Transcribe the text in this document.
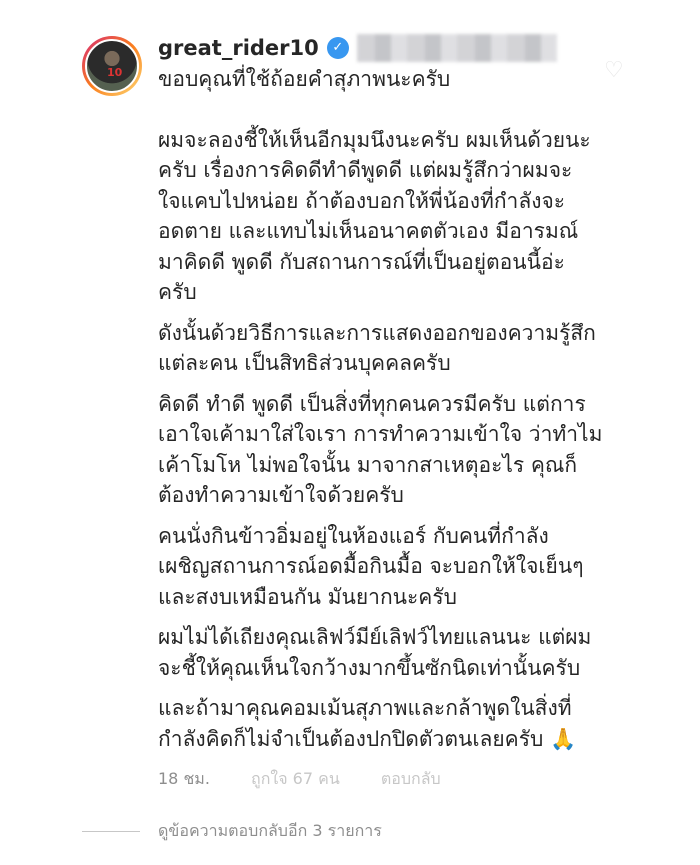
10	♡
great_rider10	✓
ขอบคุณที่ใช้ถ้อยคำสุภาพนะครับ
ผมจะลองชี้ให้เห็นอีกมุมนึงนะครับ ผมเห็นด้วยนะ
ครับ เรื่องการคิดดีทำดีพูดดี แต่ผมรู้สึกว่าผมจะ
ใจแคบไปหน่อย ถ้าต้องบอกให้พี่น้องที่กำลังจะ
อดตาย และแทบไม่เห็นอนาคตตัวเอง มีอารมณ์
มาคิดดี พูดดี กับสถานการณ์ที่เป็นอยู่ตอนนี้อ่ะ
ครับ
ดังนั้นด้วยวิธีการและการแสดงออกของความรู้สึก
แต่ละคน เป็นสิทธิส่วนบุคคลครับ
คิดดี ทำดี พูดดี เป็นสิ่งที่ทุกคนควรมีครับ แต่การ
เอาใจเค้ามาใส่ใจเรา การทำความเข้าใจ ว่าทำไม
เค้าโมโห ไม่พอใจนั้น มาจากสาเหตุอะไร คุณก็
ต้องทำความเข้าใจด้วยครับ
คนนั่งกินข้าวอิ่มอยู่ในห้องแอร์ กับคนที่กำลัง
เผชิญสถานการณ์อดมื้อกินมื้อ จะบอกให้ใจเย็นๆ
และสงบเหมือนกัน มันยากนะครับ
ผมไม่ได้เถียงคุณเลิฟว์มีย์เลิฟว์ไทยแลนนะ แต่ผม
จะชี้ให้คุณเห็นใจกว้างมากขึ้นซักนิดเท่านั้นครับ
และถ้ามาคุณคอมเม้นสุภาพและกล้าพูดในสิ่งที่
กำลังคิดก็ไม่จำเป็นต้องปกปิดตัวตนเลยครับ 🙏
18 ชม.	ถูกใจ 67 คน	ตอบกลับ
ดูข้อความตอบกลับอีก 3 รายการ
